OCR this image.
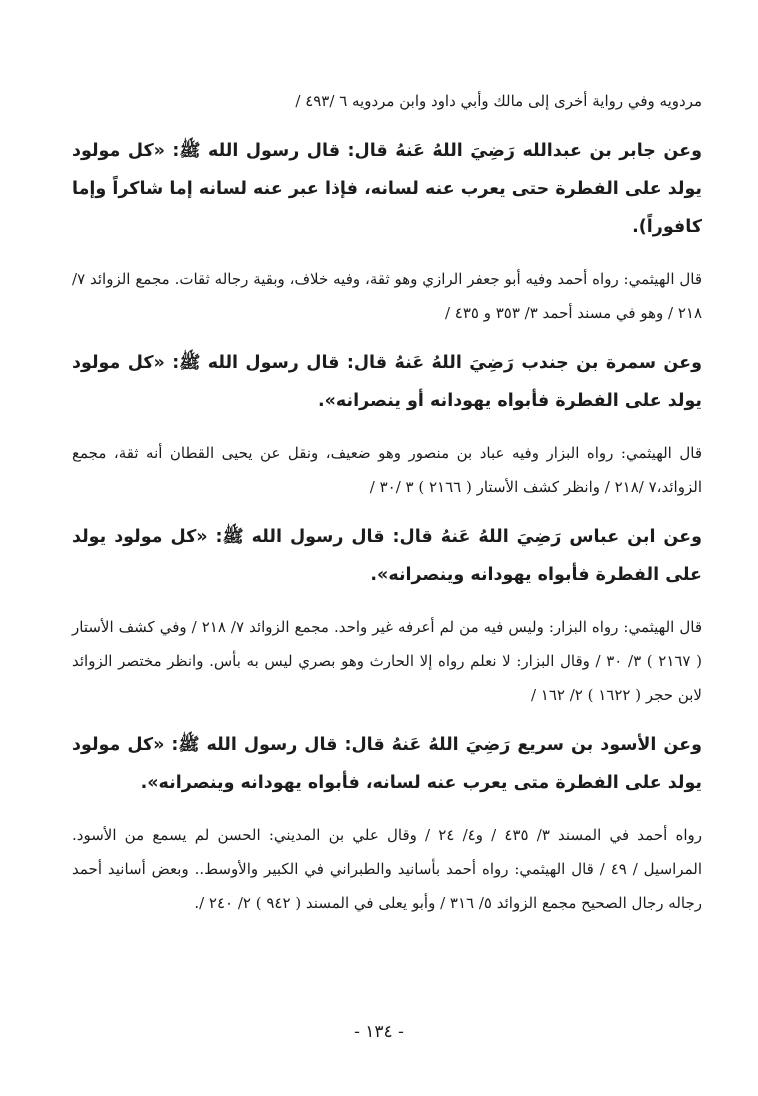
مردويه وفي رواية أخرى إلى مالك وأبي داود وابن مردويه ٦ /٤٩٣ /

وعن جابر بن عبدالله رَضِيَ اللهُ عَنهُ قال: قال رسول الله ﷺ: «كل مولود يولد على الفطرة حتى يعرب عنه لسانه، فإذا عبر عنه لسانه إما شاكراً وإما كافوراً).

قال الهيثمي: رواه أحمد وفيه أبو جعفر الرازي وهو ثقة، وفيه خلاف، وبقية رجاله ثقات. مجمع الزوائد ٧/ ٢١٨ / وهو في مسند أحمد ٣/ ٣٥٣ و ٤٣٥ /

وعن سمرة بن جندب رَضِيَ اللهُ عَنهُ قال: قال رسول الله ﷺ: «كل مولود يولد على الفطرة فأبواه يهودانه أو ينصرانه».

قال الهيثمي: رواه البزار وفيه عباد بن منصور وهو ضعيف، ونقل عن يحيى القطان أنه ثقة، مجمع الزوائد،٧ /٢١٨ / وانظر كشف الأستار ( ٢١٦٦ ) ٣ /٣٠ /

وعن ابن عباس رَضِيَ اللهُ عَنهُ قال: قال رسول الله ﷺ: «كل مولود يولد على الفطرة فأبواه يهودانه وينصرانه».

قال الهيثمي: رواه البزار: وليس فيه من لم أعرفه غير واحد. مجمع الزوائد ٧/ ٢١٨ / وفي كشف الأستار ( ٢١٦٧ ) ٣/ ٣٠ / وقال البزار: لا نعلم رواه إلا الحارث وهو بصري ليس به بأس. وانظر مختصر الزوائد لابن حجر ( ١٦٢٢ ) ٢/ ١٦٢ /

وعن الأسود بن سريع رَضِيَ اللهُ عَنهُ قال: قال رسول الله ﷺ: «كل مولود يولد على الفطرة متى يعرب عنه لسانه، فأبواه يهودانه وينصرانه».

رواه أحمد في المسند ٣/ ٤٣٥ / و٤/ ٢٤ / وقال علي بن المديني: الحسن لم يسمع من الأسود. المراسيل / ٤٩ / قال الهيثمي: رواه أحمد بأسانيد والطبراني في الكبير والأوسط.. وبعض أسانيد أحمد رجاله رجال الصحيح مجمع الزوائد ٥/ ٣١٦ / وأبو يعلى في المسند ( ٩٤٢ ) ٢/ ٢٤٠ /.

- ١٣٤ -
